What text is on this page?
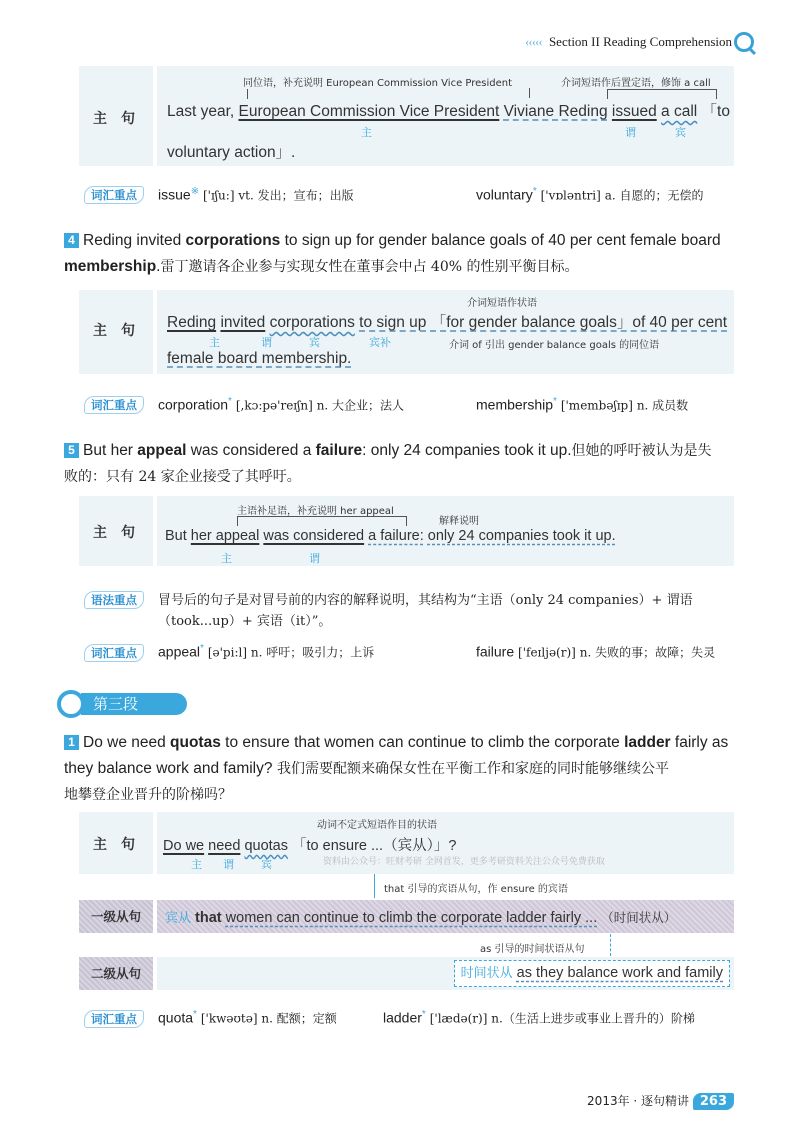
‹‹‹‹‹ Section II Reading Comprehension
主句
同位语，补充说明 European Commission Vice President	介词短语作后置定语，修饰 a call
Last year, European Commission Vice President Viviane Reding issued a call 「to
主	谓	宾
voluntary action」.
词汇重点	issue※ ['ɪʃu:] vt. 发出；宣布；出版	voluntary* ['vɒləntri] a. 自愿的；无偿的
4 Reding invited corporations to sign up for gender balance goals of 40 per cent female board
membership.雷丁邀请各企业参与实现女性在董事会中占 40% 的性别平衡目标。
主句
介词短语作状语
Reding invited corporations to sign up 「for gender balance goals」of 40 per cent
主	谓	宾	宾补	介词 of 引出 gender balance goals 的同位语
female board membership.
词汇重点	corporation* [,kɔ:pə'reɪʃn] n. 大企业；法人	membership* ['membəʃɪp] n. 成员数
5 But her appeal was considered a failure: only 24 companies took it up.但她的呼吁被认为是失
败的：只有 24 家企业接受了其呼吁。
主句
主语补足语，补充说明 her appeal
解释说明
But her appeal was considered a failure: only 24 companies took it up.
主	谓
语法重点	冒号后的句子是对冒号前的内容的解释说明，其结构为“主语（only 24 companies）+ 谓语
（took...up）+ 宾语（it）”。
词汇重点	appeal* [ə'pi:l] n. 呼吁；吸引力；上诉	failure ['feɪljə(r)] n. 失败的事；故障；失灵
第三段
1 Do we need quotas to ensure that women can continue to climb the corporate ladder fairly as
they balance work and family? 我们需要配额来确保女性在平衡工作和家庭的同时能够继续公平
地攀登企业晋升的阶梯吗？
主句
动词不定式短语作目的状语
Do we need quotas 「to ensure ...（宾从）」?
主 谓 宾	资料由公众号：旺财考研 全网首发，更多考研资料关注公众号免费获取
that 引导的宾语从句，作 ensure 的宾语
一级从句	宾从 that women can continue to climb the corporate ladder fairly ... （时间状从）
as 引导的时间状语从句
二级从句	时间状从 as they balance work and family
词汇重点	quota* ['kwəʊtə] n. 配额；定额	ladder* ['lædə(r)] n.（生活上进步或事业上晋升的）阶梯
2013年 · 逐句精讲 263
